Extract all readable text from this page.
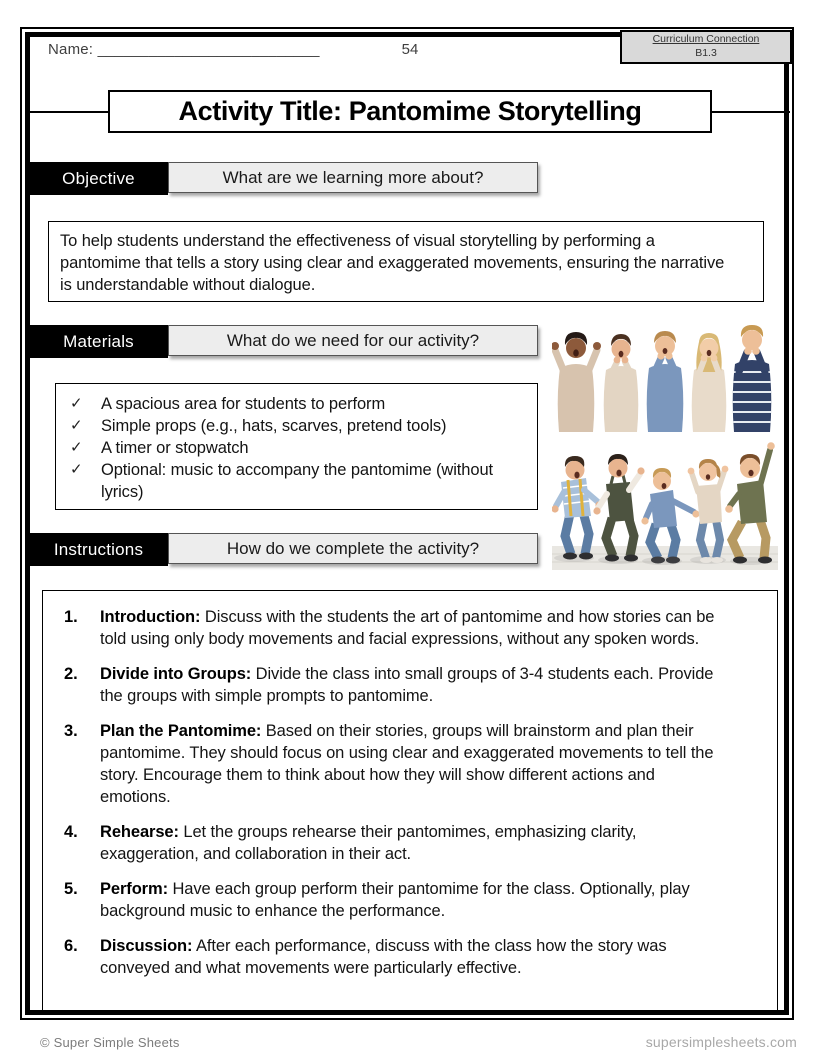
Name: __________________________	54
Curriculum Connection
B1.3
Activity Title: Pantomime Storytelling
Objective	What are we learning more about?
To help students understand the effectiveness of visual storytelling by performing a pantomime that tells a story using clear and exaggerated movements, ensuring the narrative is understandable without dialogue.
Materials	What do we need for our activity?
✓	A spacious area for students to perform
✓	Simple props (e.g., hats, scarves, pretend tools)
✓	A timer or stopwatch
✓	Optional: music to accompany the pantomime (without lyrics)
Instructions	How do we complete the activity?
1.	Introduction: Discuss with the students the art of pantomime and how stories can be told using only body movements and facial expressions, without any spoken words.
2.	Divide into Groups: Divide the class into small groups of 3-4 students each. Provide the groups with simple prompts to pantomime.
3.	Plan the Pantomime: Based on their stories, groups will brainstorm and plan their pantomime. They should focus on using clear and exaggerated movements to tell the story. Encourage them to think about how they will show different actions and emotions.
4.	Rehearse: Let the groups rehearse their pantomimes, emphasizing clarity, exaggeration, and collaboration in their act.
5.	Perform: Have each group perform their pantomime for the class. Optionally, play background music to enhance the performance.
6.	Discussion: After each performance, discuss with the class how the story was conveyed and what movements were particularly effective.
© Super Simple Sheets	supersimplesheets.com
